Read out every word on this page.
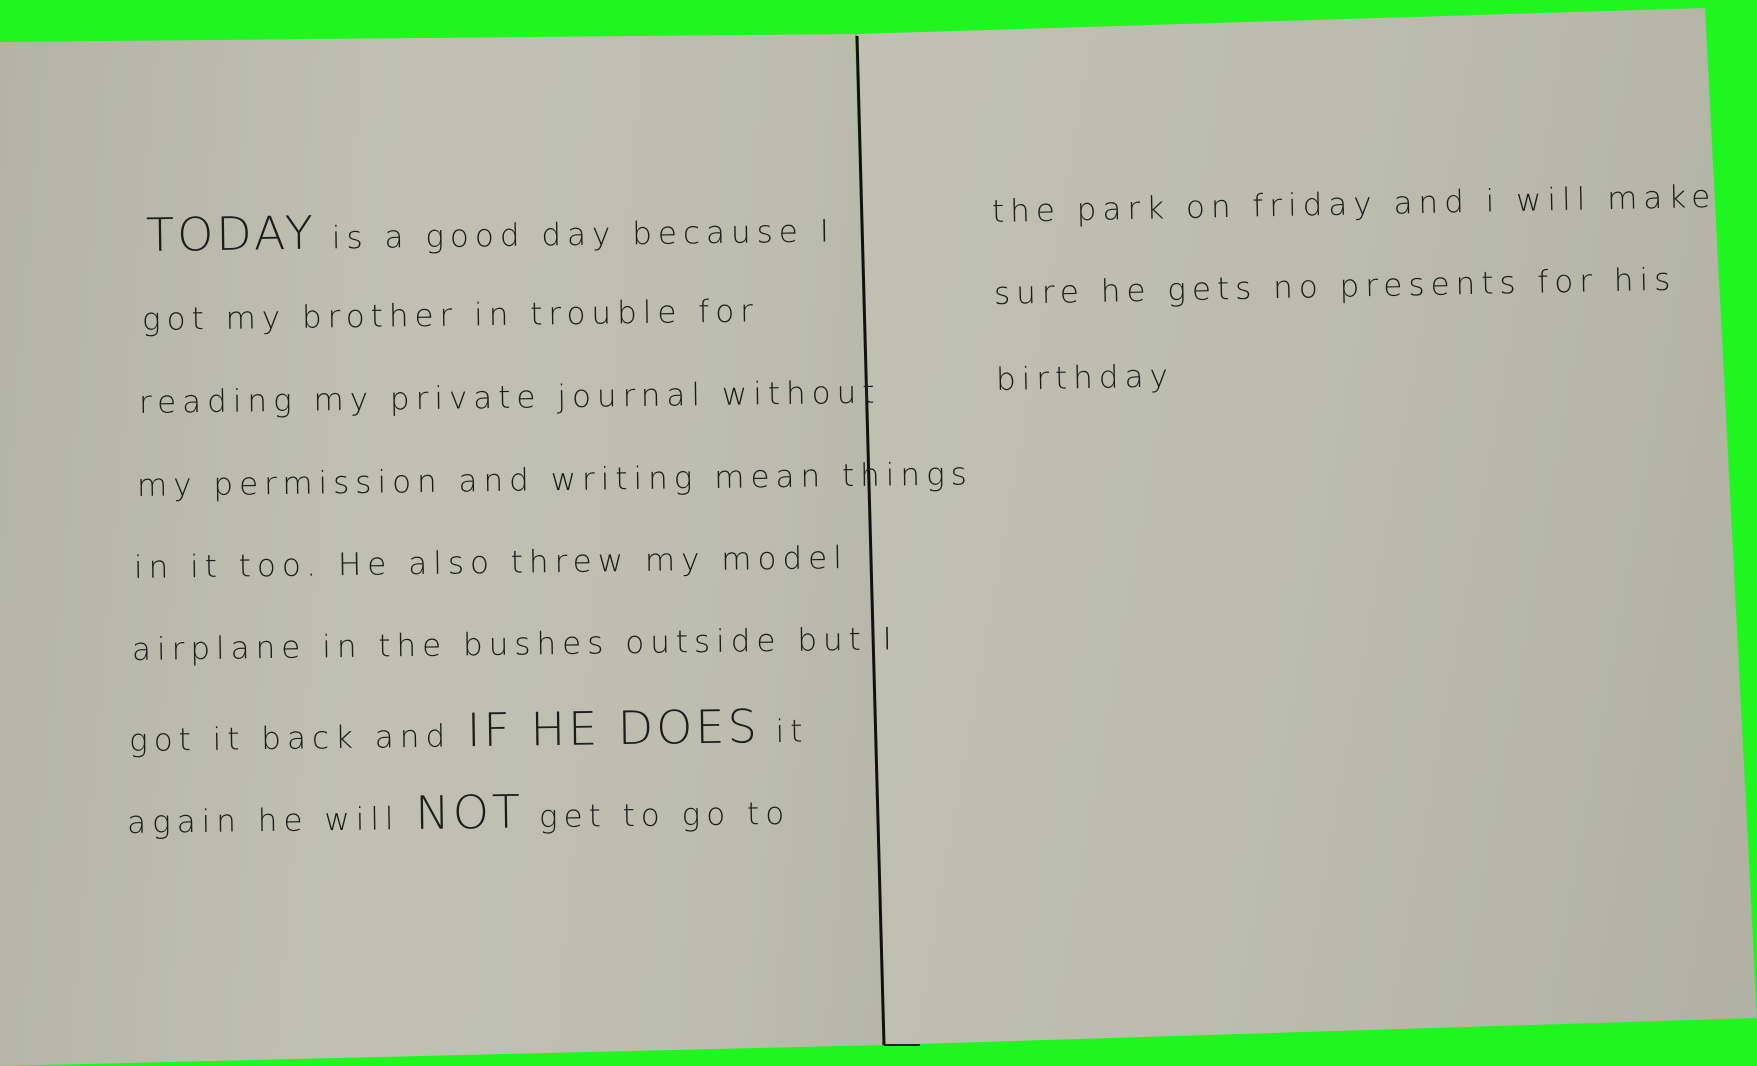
TODAY is a good day because I
got my brother in trouble for
reading my private journal without
my permission and writing mean things
in it too. He also threw my model
airplane in the bushes outside but I
got it back and IF HE DOES it
again he will NOT get to go to
the park on friday and i will make
sure he gets no presents for his
birthday
